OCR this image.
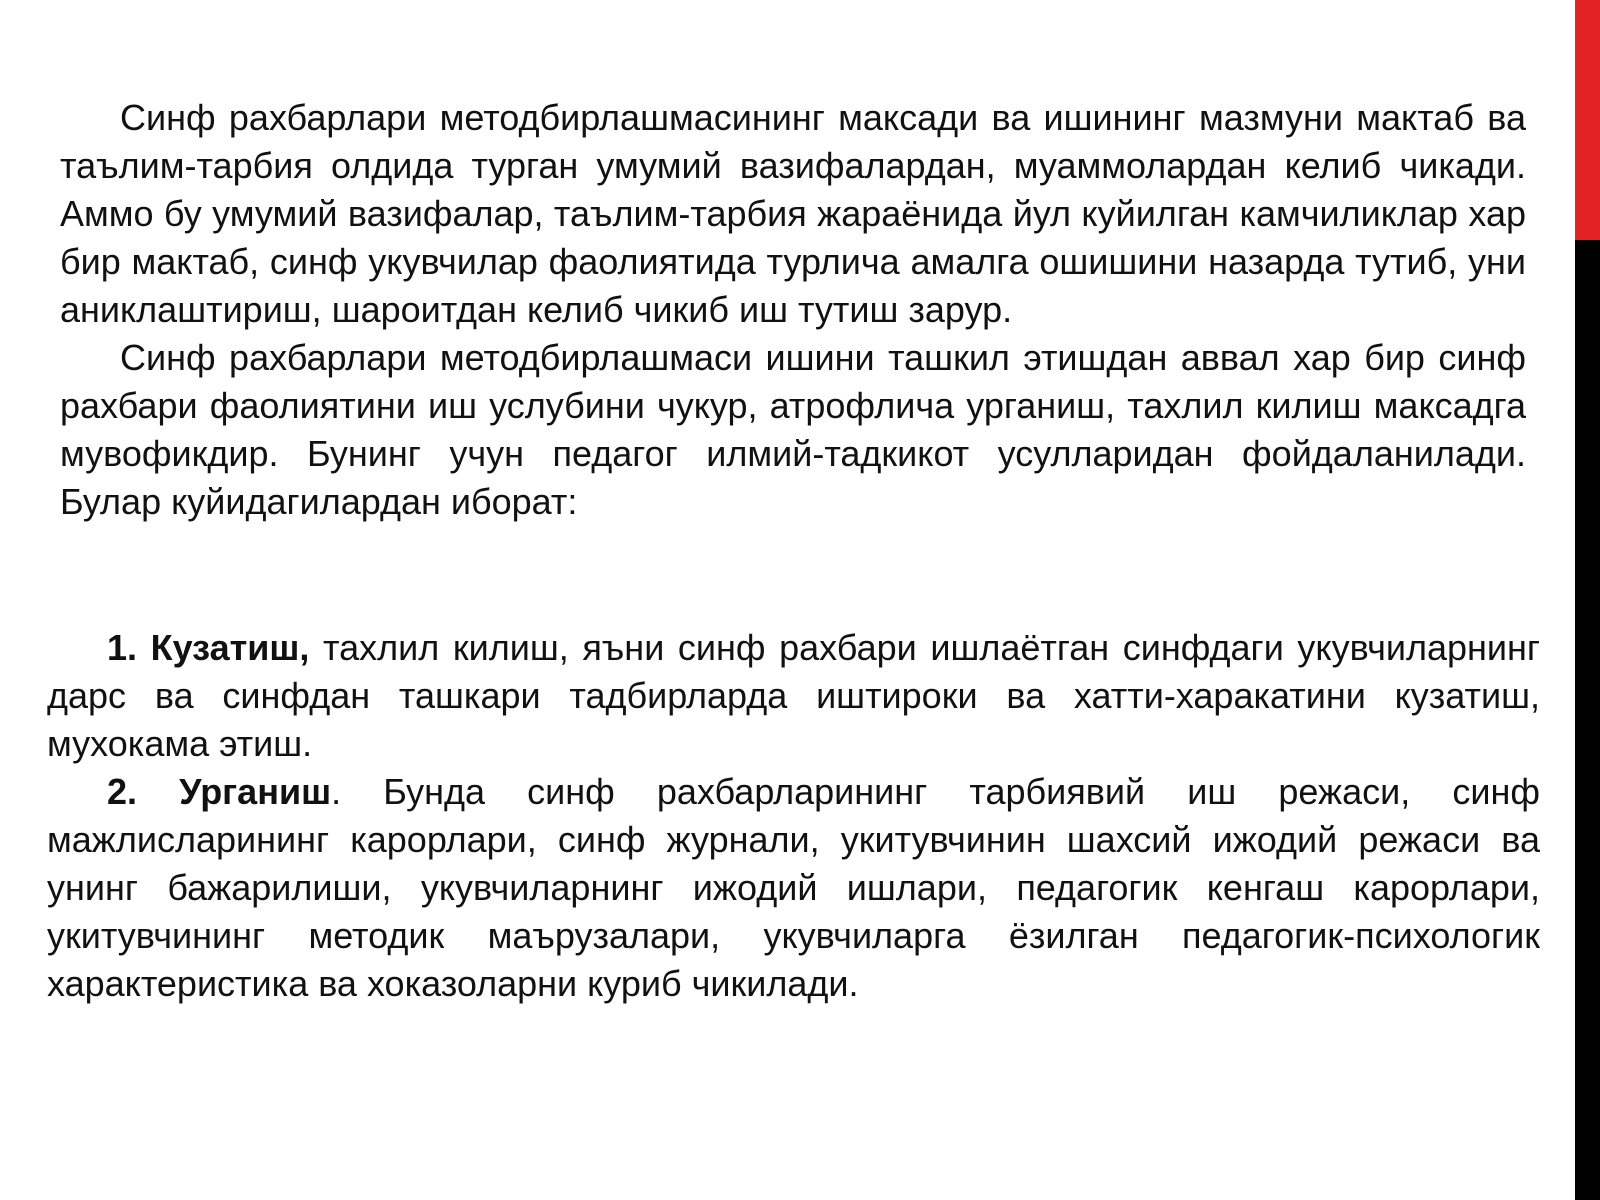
Синф рахбарлари методбирлашмасининг максади ва ишининг мазмуни мактаб ва таълим-тарбия олдида турган умумий вазифалардан, муаммолардан келиб чикади. Аммо бу умумий вазифалар, таълим-тарбия жараёнида йул куйилган камчиликлар хар бир мактаб, синф укувчилар фаолиятида турлича амалга ошишини назарда тутиб, уни аниклаштириш, шароитдан келиб чикиб иш тутиш зарур.

Синф рахбарлари методбирлашмаси ишини ташкил этишдан аввал хар бир синф рахбари фаолиятини иш услубини чукур, атрофлича урганиш, тахлил килиш максадга мувофикдир. Бунинг учун педагог илмий-тадкикот усулларидан фойдаланилади. Булар куйидагилардан иборат:

1. Кузатиш, тахлил килиш, яъни синф рахбари ишлаётган синфдаги укувчиларнинг дарс ва синфдан ташкари тадбирларда иштироки ва хатти-харакатини кузатиш, мухокама этиш.

2. Урганиш. Бунда синф рахбарларининг тарбиявий иш режаси, синф мажлисларининг карорлари, синф журнали, укитувчинин шахсий ижодий режаси ва унинг бажарилиши, укувчиларнинг ижодий ишлари, педагогик кенгаш карорлари, укитувчининг методик маърузалари, укувчиларга ёзилган педагогик-психологик характеристика ва хоказоларни куриб чикилади.
